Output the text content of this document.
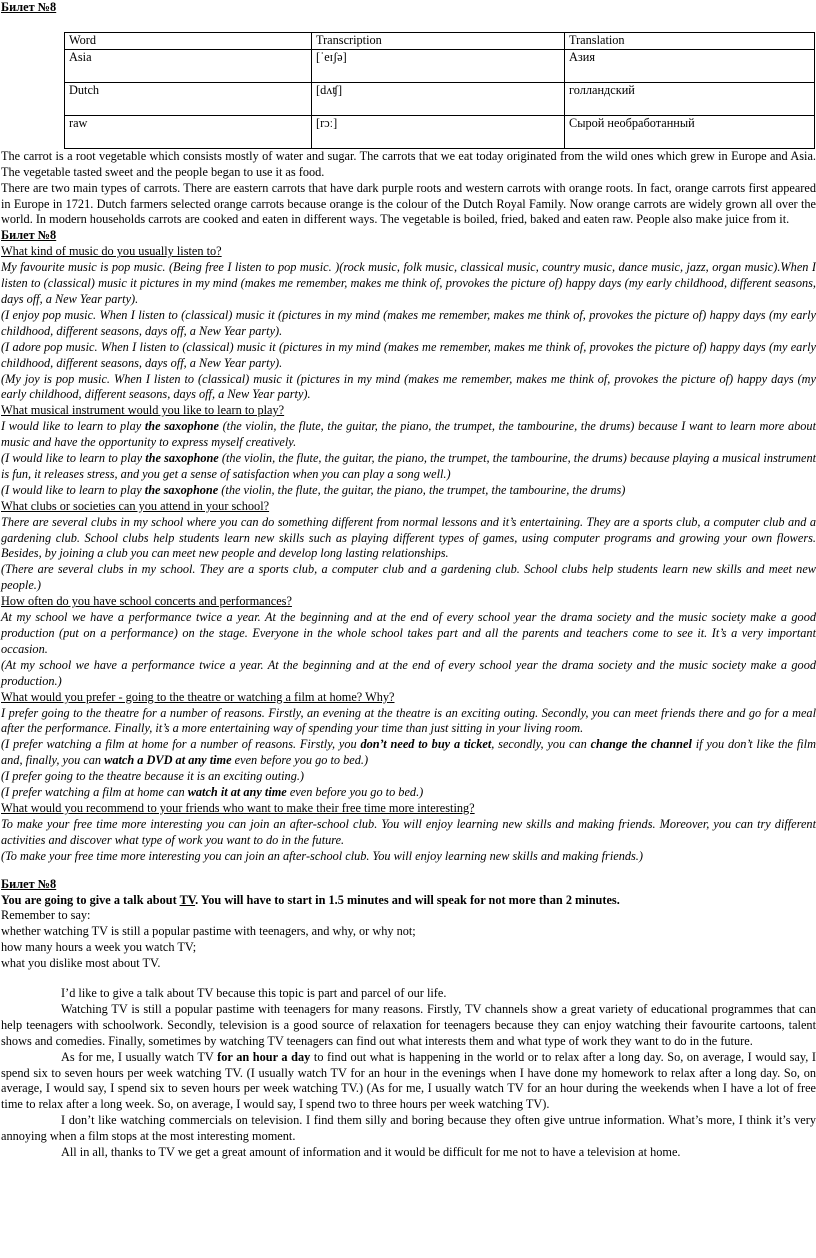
Билет №8

Word	Transcription	Translation
Asia	[ˈeɪʃə]	Азия
Dutch	[dʌʧ]	голландский
raw	[rɔː]	Сырой необработанный

The carrot is a root vegetable which consists mostly of water and sugar. The carrots that we eat today originated from the wild ones which grew in Europe and Asia. The vegetable tasted sweet and the people began to use it as food.

There are two main types of carrots. There are eastern carrots that have dark purple roots and western carrots with orange roots. In fact, orange carrots first appeared in Europe in 1721. Dutch farmers selected orange carrots because orange is the colour of the Dutch Royal Family. Now orange carrots are widely grown all over the world. In modern households carrots are cooked and eaten in different ways. The vegetable is boiled, fried, baked and eaten raw. People also make juice from it.

Билет №8

What kind of music do you usually listen to?

My favourite music is pop music. (Being free I listen to pop music. )(rock music, folk music, classical music, country music, dance music, jazz, organ music).When I listen to (classical) music it pictures in my mind (makes me remember, makes me think of, provokes the picture of) happy days (my early childhood, different seasons, days off, a New Year party).

(I enjoy pop music. When I listen to (classical) music it (pictures in my mind (makes me remember, makes me think of, provokes the picture of) happy days (my early childhood, different seasons, days off, a New Year party).

(I adore pop music. When I listen to (classical) music it (pictures in my mind (makes me remember, makes me think of, provokes the picture of) happy days (my early childhood, different seasons, days off, a New Year party).

(My joy is pop music. When I listen to (classical) music it (pictures in my mind (makes me remember, makes me think of, provokes the picture of) happy days (my early childhood, different seasons, days off, a New Year party).

What musical instrument would you like to learn to play?

I would like to learn to play the saxophone (the violin, the flute, the guitar, the piano, the trumpet, the tambourine, the drums) because I want to learn more about music and have the opportunity to express myself creatively.

(I would like to learn to play the saxophone (the violin, the flute, the guitar, the piano, the trumpet, the tambourine, the drums) because playing a musical instrument is fun, it releases stress, and you get a sense of satisfaction when you can play a song well.)

(I would like to learn to play the saxophone (the violin, the flute, the guitar, the piano, the trumpet, the tambourine, the drums)

What clubs or societies can you attend in your school?

There are several clubs in my school where you can do something different from normal lessons and it’s entertaining. They are a sports club, a computer club and a gardening club. School clubs help students learn new skills such as playing different types of games, using computer programs and growing your own flowers. Besides, by joining a club you can meet new people and develop long lasting relationships.

(There are several clubs in my school. They are a sports club, a computer club and a gardening club. School clubs help students learn new skills and meet new people.)

How often do you have school concerts and performances?

At my school we have a performance twice a year. At the beginning and at the end of every school year the drama society and the music society make a good production (put on a performance) on the stage. Everyone in the whole school takes part and all the parents and teachers come to see it. It’s a very important occasion.

(At my school we have a performance twice a year. At the beginning and at the end of every school year the drama society and the music society make a good production.)

What would you prefer - going to the theatre or watching a film at home? Why?

I prefer going to the theatre for a number of reasons. Firstly, an evening at the theatre is an exciting outing. Secondly, you can meet friends there and go for a meal after the performance. Finally, it’s a more entertaining way of spending your time than just sitting in your living room.

(I prefer watching a film at home for a number of reasons. Firstly, you don’t need to buy a ticket, secondly, you can change the channel if you don’t like the film and, finally, you can watch a DVD at any time even before you go to bed.)

(I prefer going to the theatre because it is an exciting outing.)

(I prefer watching a film at home can watch it at any time even before you go to bed.)

What would you recommend to your friends who want to make their free time more interesting?

To make your free time more interesting you can join an after-school club. You will enjoy learning new skills and making friends. Moreover, you can try different activities and discover what type of work you want to do in the future.

(To make your free time more interesting you can join an after-school club. You will enjoy learning new skills and making friends.)

Билет №8

You are going to give a talk about TV. You will have to start in 1.5 minutes and will speak for not more than 2 minutes.

Remember to say:

whether watching TV is still a popular pastime with teenagers, and why, or why not;

how many hours a week you watch TV;

what you dislike most about TV.

I’d like to give a talk about TV because this topic is part and parcel of our life.

Watching TV is still a popular pastime with teenagers for many reasons. Firstly, TV channels show a great variety of educational programmes that can help teenagers with schoolwork. Secondly, television is a good source of relaxation for teenagers because they can enjoy watching their favourite cartoons, talent shows and comedies. Finally, sometimes by watching TV teenagers can find out what interests them and what type of work they want to do in the future.

As for me, I usually watch TV for an hour a day to find out what is happening in the world or to relax after a long day. So, on average, I would say, I spend six to seven hours per week watching TV. (I usually watch TV for an hour in the evenings when I have done my homework to relax after a long day. So, on average, I would say, I spend six to seven hours per week watching TV.) (As for me, I usually watch TV for an hour during the weekends when I have a lot of free time to relax after a long week. So, on average, I would say, I spend two to three hours per week watching TV).

I don’t like watching commercials on television. I find them silly and boring because they often give untrue information. What’s more, I think it’s very annoying when a film stops at the most interesting moment.

All in all, thanks to TV we get a great amount of information and it would be difficult for me not to have a television at home.
